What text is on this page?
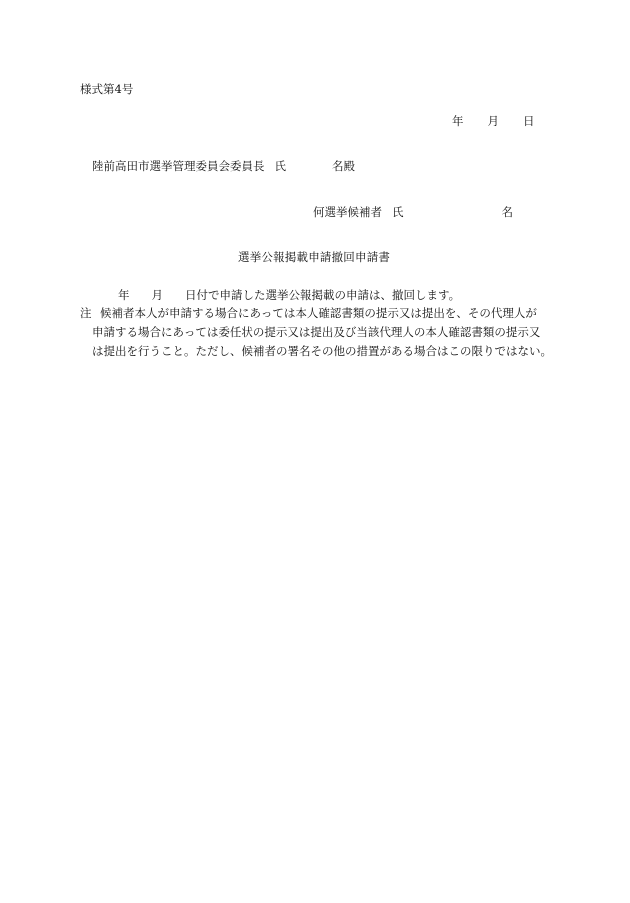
様式第4号
年 月 日
陸前高田市選挙管理委員会委員長 氏	名殿
何選挙候補者 氏	名
選挙公報掲載申請撤回申請書
年 月 日付で申請した選挙公報掲載の申請は、撤回します。
注 候補者本人が申請する場合にあっては本人確認書類の提示又は提出を、その代理人が
申請する場合にあっては委任状の提示又は提出及び当該代理人の本人確認書類の提示又
は提出を行うこと。ただし、候補者の署名その他の措置がある場合はこの限りではない。
